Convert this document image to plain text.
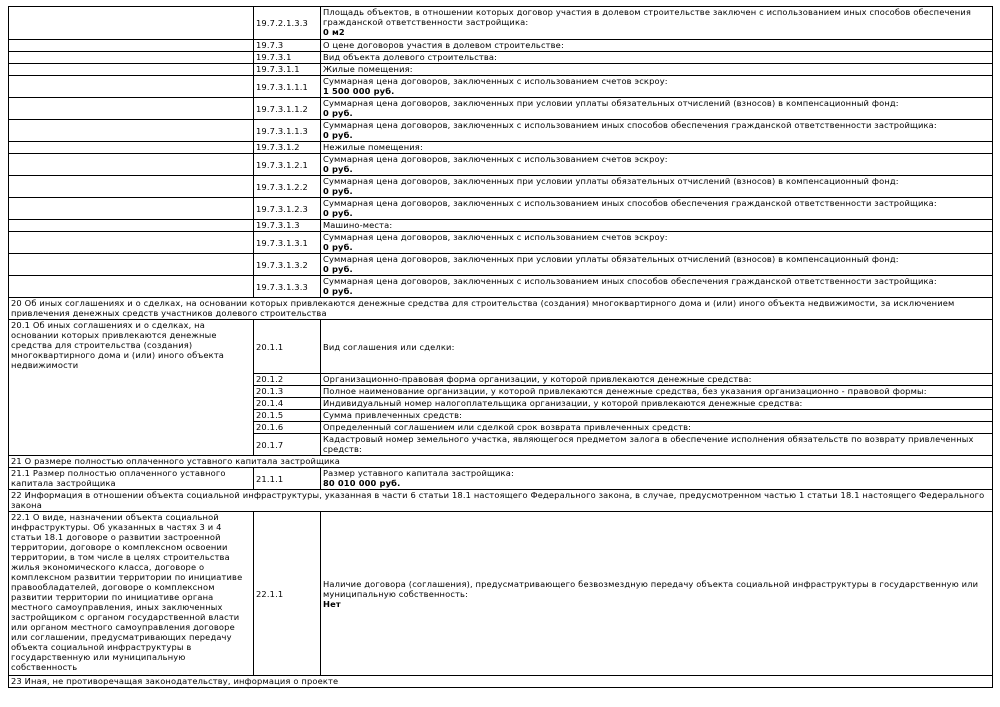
	19.7.2.1.3.3	Площадь объектов, в отношении которых договор участия в долевом строительстве заключен с использованием иных способов обеспечения гражданской ответственности застройщика:
0 м2

	19.7.3	О цене договоров участия в долевом строительстве:
	19.7.3.1	Вид объекта долевого строительства:
	19.7.3.1.1	Жилые помещения:
	19.7.3.1.1.1	Суммарная цена договоров, заключенных с использованием счетов эскроу:
1 500 000 руб.

	19.7.3.1.1.2	Суммарная цена договоров, заключенных при условии уплаты обязательных отчислений (взносов) в компенсационный фонд:
0 руб.

	19.7.3.1.1.3	Суммарная цена договоров, заключенных с использованием иных способов обеспечения гражданской ответственности застройщика:
0 руб.

	19.7.3.1.2	Нежилые помещения:
	19.7.3.1.2.1	Суммарная цена договоров, заключенных с использованием счетов эскроу:
0 руб.

	19.7.3.1.2.2	Суммарная цена договоров, заключенных при условии уплаты обязательных отчислений (взносов) в компенсационный фонд:
0 руб.

	19.7.3.1.2.3	Суммарная цена договоров, заключенных с использованием иных способов обеспечения гражданской ответственности застройщика:
0 руб.

	19.7.3.1.3	Машино-места:
	19.7.3.1.3.1	Суммарная цена договоров, заключенных с использованием счетов эскроу:
0 руб.

	19.7.3.1.3.2	Суммарная цена договоров, заключенных при условии уплаты обязательных отчислений (взносов) в компенсационный фонд:
0 руб.

	19.7.3.1.3.3	Суммарная цена договоров, заключенных с использованием иных способов обеспечения гражданской ответственности застройщика:
0 руб.

20 Об иных соглашениях и о сделках, на основании которых привлекаются денежные средства для строительства (создания) многоквартирного дома и (или) иного объекта недвижимости, за исключением привлечения денежных средств участников долевого строительства		
20.1 Об иных соглашениях и о сделках, на основании которых привлекаются денежные средства для строительства (создания) многоквартирного дома и (или) иного объекта недвижимости	20.1.1	Вид соглашения или сделки:
	20.1.2	Организационно-правовая форма организации, у которой привлекаются денежные средства:
	20.1.3	Полное наименование организации, у которой привлекаются денежные средства, без указания организационно - правовой формы:
	20.1.4	Индивидуальный номер налогоплательщика организации, у которой привлекаются денежные средства:
	20.1.5	Сумма привлеченных средств:
	20.1.6	Определенный соглашением или сделкой срок возврата привлеченных средств:
	20.1.7	Кадастровый номер земельного участка, являющегося предметом залога в обеспечение исполнения обязательств по возврату привлеченных средств:
21 О размере полностью оплаченного уставного капитала застройщика		
21.1 Размер полностью оплаченного уставного капитала застройщика	21.1.1	Размер уставного капитала застройщика:
80 010 000 руб.

22 Информация в отношении объекта социальной инфраструктуры, указанная в части 6 статьи 18.1 настоящего Федерального закона, в случае, предусмотренном частью 1 статьи 18.1 настоящего Федерального закона		
22.1 О виде, назначении объекта социальной инфраструктуры. Об указанных в частях 3 и 4 статьи 18.1 договоре о развитии застроенной территории, договоре о комплексном освоении территории, в том числе в целях строительства жилья экономического класса, договоре о комплексном развитии территории по инициативе правообладателей, договоре о комплексном развитии территории по инициативе органа местного самоуправления, иных заключенных застройщиком с органом государственной власти или органом местного самоуправления договоре или соглашении, предусматривающих передачу объекта социальной инфраструктуры в государственную или муниципальную собственность	22.1.1	Наличие договора (соглашения), предусматривающего безвозмездную передачу объекта социальной инфраструктуры в государственную или муниципальную собственность:
Нет

23 Иная, не противоречащая законодательству, информация о проекте		
